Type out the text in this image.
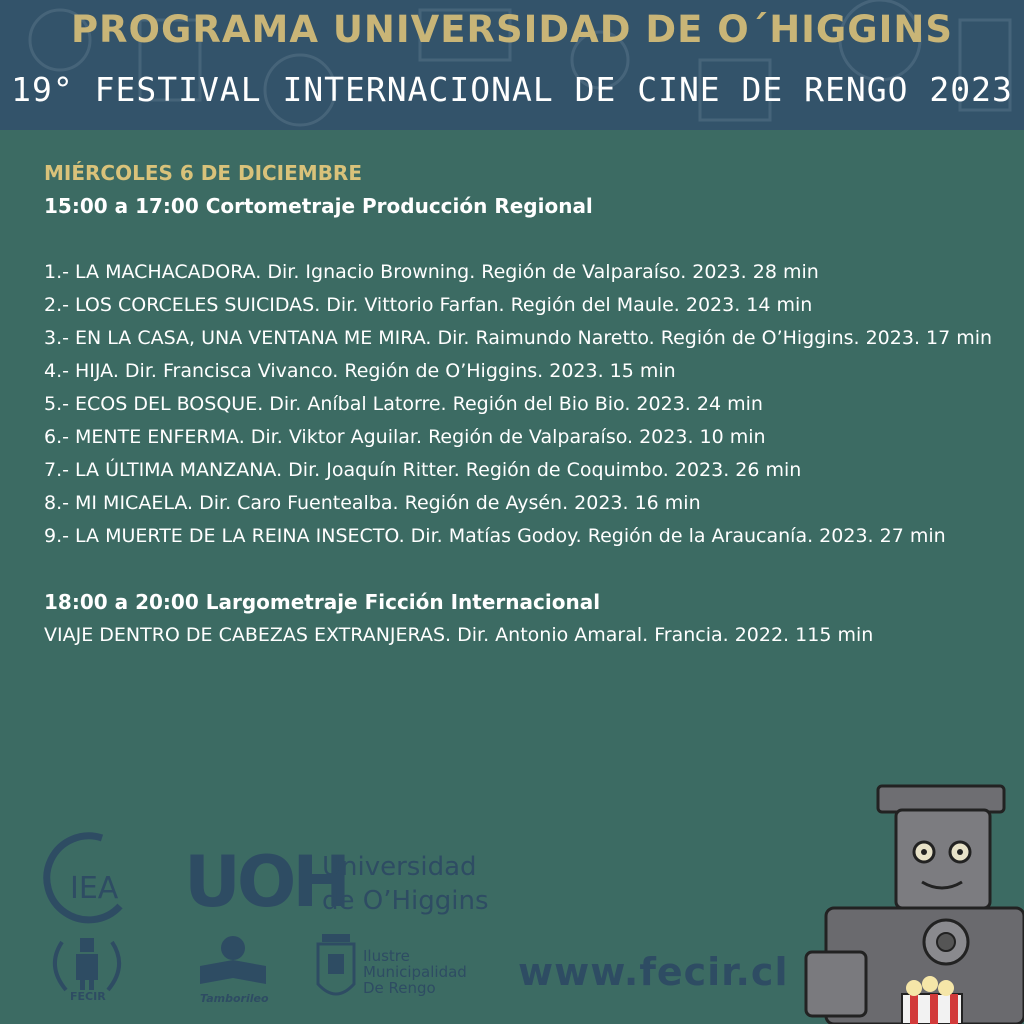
PROGRAMA UNIVERSIDAD DE O´HIGGINS
19° FESTIVAL INTERNACIONAL DE CINE DE RENGO 2023

MIÉRCOLES 6 DE DICIEMBRE

15:00 a 17:00 Cortometraje Producción Regional

1.- LA MACHACADORA. Dir. Ignacio Browning. Región de Valparaíso. 2023. 28 min
2.- LOS CORCELES SUICIDAS. Dir. Vittorio Farfan. Región del Maule. 2023. 14 min
3.- EN LA CASA, UNA VENTANA ME MIRA. Dir. Raimundo Naretto. Región de O’Higgins. 2023. 17 min
4.- HIJA. Dir. Francisca Vivanco. Región de O’Higgins. 2023. 15 min
5.- ECOS DEL BOSQUE. Dir. Aníbal Latorre. Región del Bio Bio. 2023. 24 min
6.- MENTE ENFERMA. Dir. Viktor Aguilar. Región de Valparaíso. 2023. 10 min
7.- LA ÚLTIMA MANZANA. Dir. Joaquín Ritter. Región de Coquimbo. 2023. 26 min
8.- MI MICAELA. Dir. Caro Fuentealba. Región de Aysén. 2023. 16 min
9.- LA MUERTE DE LA REINA INSECTO. Dir. Matías Godoy. Región de la Araucanía. 2023. 27 min

18:00 a 20:00 Largometraje Ficción Internacional

VIAJE DENTRO DE CABEZAS EXTRANJERAS. Dir. Antonio Amaral. Francia. 2022. 115 min

IEA UOH
Universidad
de O’Higgins
FECIR	Tamborileo
Ilustre
Municipalidad
De Rengo	www.fecir.cl
